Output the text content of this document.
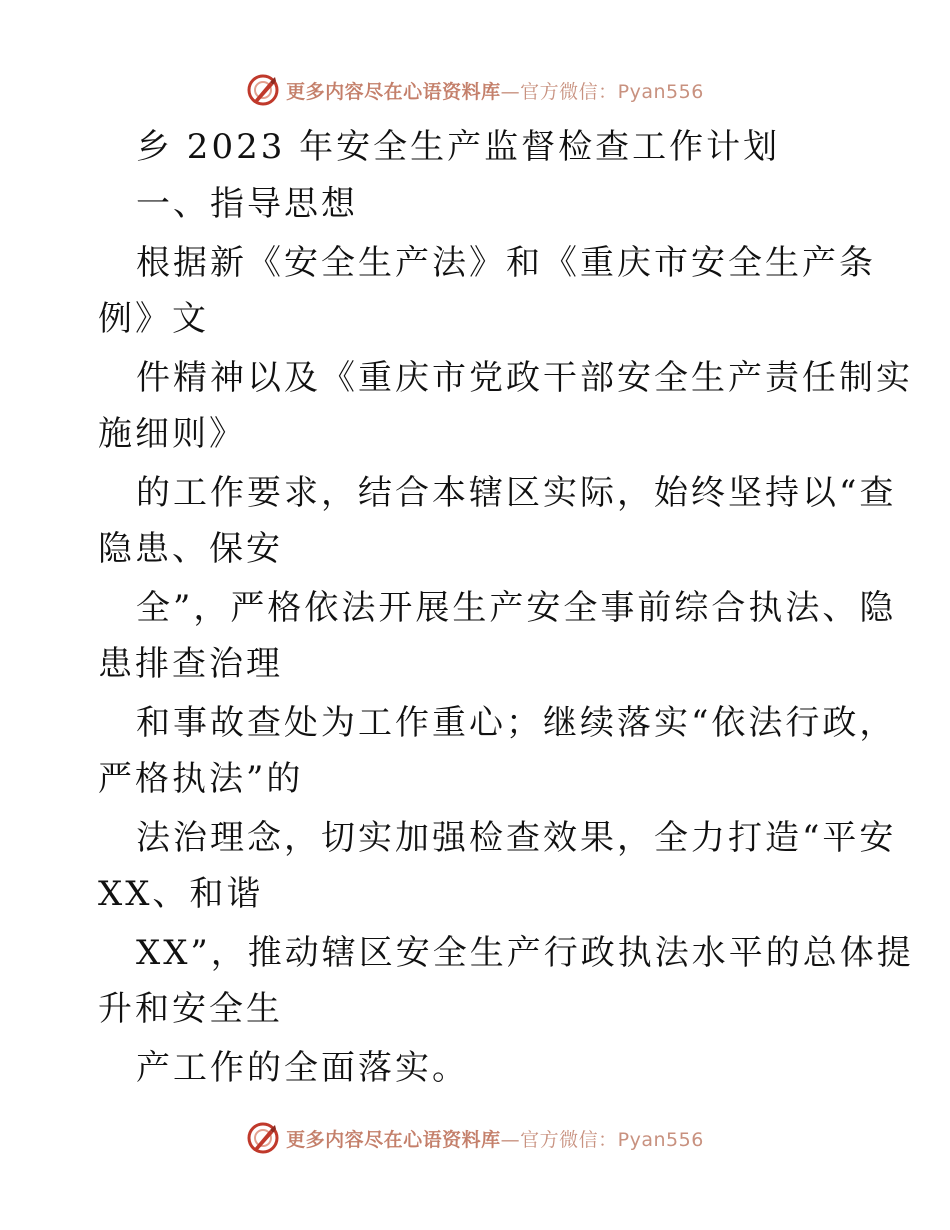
更多内容尽在心语资料库—官方微信：Pyan556
乡 2023 年安全生产监督检查工作计划
一、指导思想
根据新《安全生产法》和《重庆市安全生产条
例》文
件精神以及《重庆市党政干部安全生产责任制实
施细则》
的工作要求，结合本辖区实际，始终坚持以“查
隐患、保安
全”，严格依法开展生产安全事前综合执法、隐
患排查治理
和事故查处为工作重心；继续落实“依法行政，
严格执法”的
法治理念，切实加强检查效果，全力打造“平安
XX、和谐
XX”，推动辖区安全生产行政执法水平的总体提
升和安全生
产工作的全面落实。
更多内容尽在心语资料库—官方微信：Pyan556
